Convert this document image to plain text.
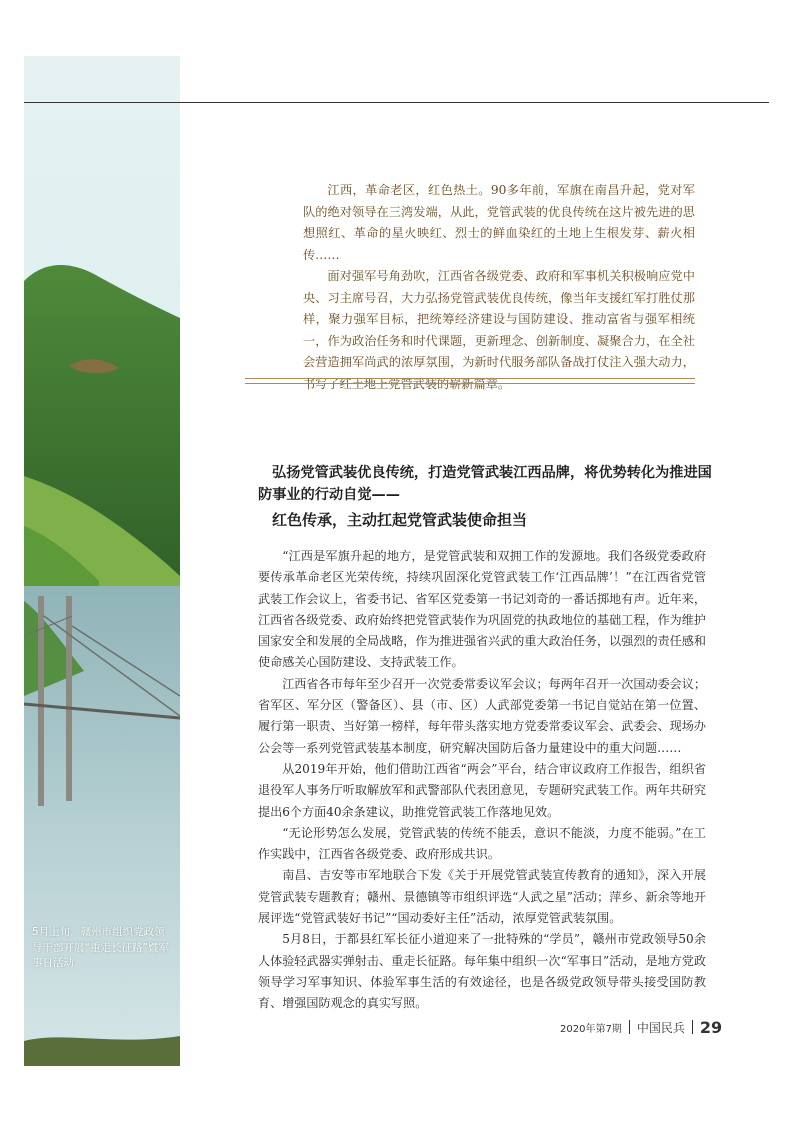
5月上旬，赣州市组织党政领导干部开展“重走长征路”暨军事日活动。

江西，革命老区，红色热土。90多年前，军旗在南昌升起，党对军队的绝对领导在三湾发端，从此，党管武装的优良传统在这片被先进的思想照红、革命的星火映红、烈士的鲜血染红的土地上生根发芽、薪火相传……

面对强军号角劲吹，江西省各级党委、政府和军事机关积极响应党中央、习主席号召，大力弘扬党管武装优良传统，像当年支援红军打胜仗那样，聚力强军目标，把统筹经济建设与国防建设、推动富省与强军相统一，作为政治任务和时代课题，更新理念、创新制度、凝聚合力，在全社会营造拥军尚武的浓厚氛围，为新时代服务部队备战打仗注入强大动力，书写了红土地上党管武装的崭新篇章。

弘扬党管武装优良传统，打造党管武装江西品牌，将优势转化为推进国防事业的行动自觉——
红色传承，主动扛起党管武装使命担当

“江西是军旗升起的地方，是党管武装和双拥工作的发源地。我们各级党委政府要传承革命老区光荣传统，持续巩固深化党管武装工作‘江西品牌’！”在江西省党管武装工作会议上，省委书记、省军区党委第一书记刘奇的一番话掷地有声。近年来，江西省各级党委、政府始终把党管武装作为巩固党的执政地位的基础工程，作为维护国家安全和发展的全局战略，作为推进强省兴武的重大政治任务，以强烈的责任感和使命感关心国防建设、支持武装工作。

江西省各市每年至少召开一次党委常委议军会议；每两年召开一次国动委会议；省军区、军分区（警备区）、县（市、区）人武部党委第一书记自觉站在第一位置、履行第一职责、当好第一榜样，每年带头落实地方党委常委议军会、武委会、现场办公会等一系列党管武装基本制度，研究解决国防后备力量建设中的重大问题……

从2019年开始，他们借助江西省“两会”平台，结合审议政府工作报告，组织省退役军人事务厅听取解放军和武警部队代表团意见，专题研究武装工作。两年共研究提出6个方面40余条建议，助推党管武装工作落地见效。

“无论形势怎么发展，党管武装的传统不能丢，意识不能淡，力度不能弱。”在工作实践中，江西省各级党委、政府形成共识。

南昌、吉安等市军地联合下发《关于开展党管武装宣传教育的通知》，深入开展党管武装专题教育；赣州、景德镇等市组织评选“人武之星”活动；萍乡、新余等地开展评选“党管武装好书记”“国动委好主任”活动，浓厚党管武装氛围。

5月8日，于都县红军长征小道迎来了一批特殊的“学员”，赣州市党政领导50余人体验轻武器实弹射击、重走长征路。每年集中组织一次“军事日”活动，是地方党政领导学习军事知识、体验军事生活的有效途径，也是各级党政领导带头接受国防教育、增强国防观念的真实写照。

2020年第7期 中国民兵 29
